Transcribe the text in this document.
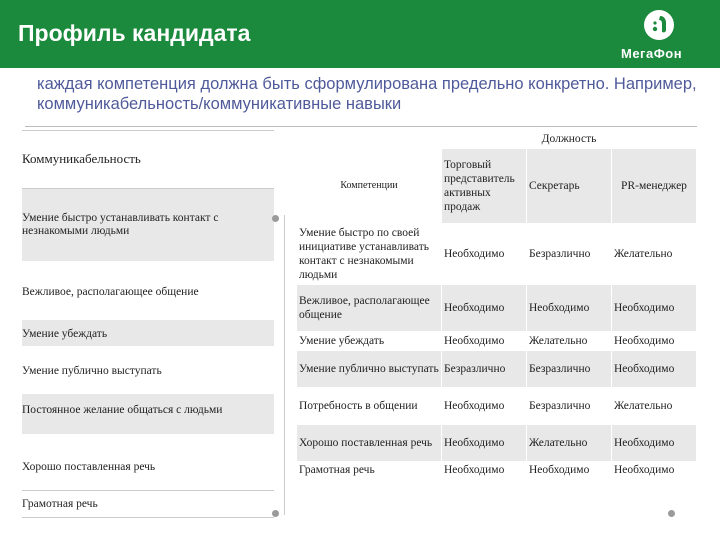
Профиль кандидата
МегаФон
каждая компетенция должна быть сформулирована предельно конкретно. Например, коммуникабельность/коммуникативные навыки
Коммуникабельность
Умение быстро устанавливать контакт с незнакомыми людьми
Вежливое, располагающее общение
Умение убеждать
Умение публично выступать
Постоянное желание общаться с людьми
Хорошо поставленная речь
Грамотная речь
	Должность		
Компетенции	Торговый представитель активных продаж	Секретарь	PR-менеджер
Умение быстро по своей инициативе устанавливать контакт с незнакомыми людьми	Необходимо	Безразлично	Желательно
Вежливое, располагающее общение	Необходимо	Необходимо	Необходимо
Умение убеждать	Необходимо	Желательно	Необходимо
Умение публично выступать	Безразлично	Безразлично	Необходимо
Потребность в общении	Необходимо	Безразлично	Желательно
Хорошо поставленная речь	Необходимо	Желательно	Необходимо
Грамотная речь	Необходимо	Необходимо	Необходимо
